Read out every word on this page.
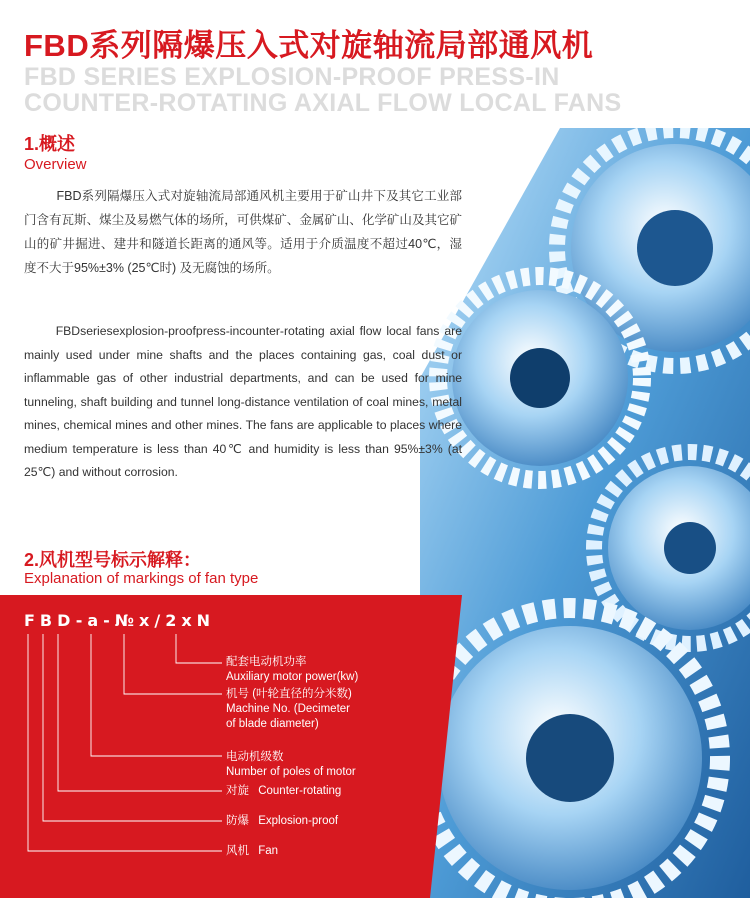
FBD系列隔爆压入式对旋轴流局部通风机
FBD SERIES EXPLOSION-PROOF PRESS-IN
COUNTER-ROTATING AXIAL FLOW LOCAL FANS
1.概述
Overview

FBD系列隔爆压入式对旋轴流局部通风机主要用于矿山井下及其它工业部门含有瓦斯、煤尘及易燃气体的场所，可供煤矿、金属矿山、化学矿山及其它矿山的矿井掘进、建井和隧道长距离的通风等。适用于介质温度不超过40℃，湿度不大于95%±3% (25℃时) 及无腐蚀的场所。

FBDseriesexplosion-proofpress-incounter-rotating axial flow local fans are mainly used under mine shafts and the places containing gas, coal dust or inflammable gas of other industrial departments, and can be used for mine tunneling, shaft building and tunnel long-distance ventilation of coal mines, metal mines, chemical mines and other mines. The fans are applicable to places where medium temperature is less than 40℃ and humidity is less than 95%±3% (at 25℃) and without corrosion.

2.风机型号标示解释：
Explanation of markings of fan type
FBD-a-№x/2xN
配套电动机功率
Auxiliary motor power(kw)
机号 (叶轮直径的分米数)
Machine No. (Decimeter
of blade diameter)
电动机级数
Number of poles of motor
对旋 Counter-rotating
防爆 Explosion-proof
风机 Fan
